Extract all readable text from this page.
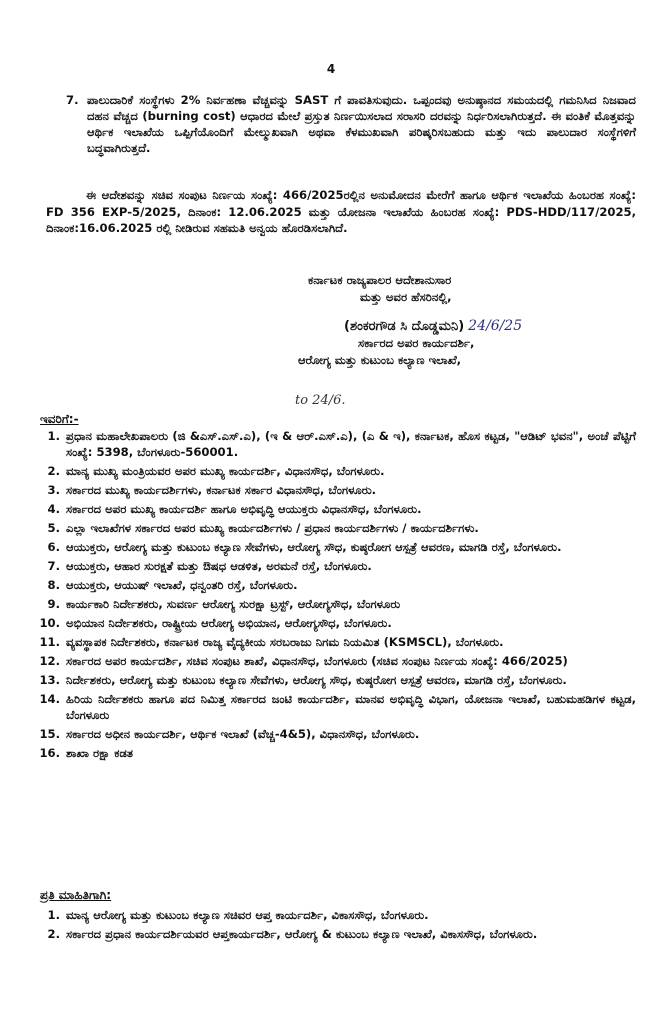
4
7. ಪಾಲುದಾರಿಕೆ ಸಂಸ್ಥೆಗಳು 2% ನಿರ್ವಹಣಾ ವೆಚ್ಚವನ್ನು SAST ಗೆ ಪಾವತಿಸುವುದು. ಒಪ್ಪಂದವು ಅನುಷ್ಠಾನದ ಸಮಯದಲ್ಲಿ ಗಮನಿಸಿದ ನಿಜವಾದ ದಹನ ವೆಚ್ಚದ (burning cost) ಆಧಾರದ ಮೇಲೆ ಪ್ರಸ್ತುತ ನಿರ್ಣಯಿಸಲಾದ ಸರಾಸರಿ ದರವನ್ನು ನಿರ್ಧರಿಸಲಾಗಿರುತ್ತದೆ. ಈ ವಂತಿಕೆ ಮೊತ್ತವನ್ನು ಆರ್ಥಿಕ ಇಲಾಖೆಯ ಒಪ್ಪಿಗೆಯೊಂದಿಗೆ ಮೇಲ್ಮುಖವಾಗಿ ಅಥವಾ ಕೆಳಮುಖವಾಗಿ ಪರಿಷ್ಕರಿಸಬಹುದು ಮತ್ತು ಇದು ಪಾಲುದಾರ ಸಂಸ್ಥೆಗಳಿಗೆ ಬದ್ಧವಾಗಿರುತ್ತದೆ.
ಈ ಆದೇಶವನ್ನು ಸಚಿವ ಸಂಪುಟ ನಿರ್ಣಯ ಸಂಖ್ಯೆ: 466/2025ರಲ್ಲಿನ ಅನುಮೋದನ ಮೇರೆಗೆ ಹಾಗೂ ಆರ್ಥಿಕ ಇಲಾಖೆಯ ಹಿಂಬರಹ ಸಂಖ್ಯೆ: FD 356 EXP-5/2025, ದಿನಾಂಕ: 12.06.2025 ಮತ್ತು ಯೋಜನಾ ಇಲಾಖೆಯ ಹಿಂಬರಹ ಸಂಖ್ಯೆ: PDS-HDD/117/2025, ದಿನಾಂಕ:16.06.2025 ರಲ್ಲಿ ನೀಡಿರುವ ಸಹಮತಿ ಅನ್ವಯ ಹೊರಡಿಸಲಾಗಿದೆ.
ಕರ್ನಾಟಕ ರಾಜ್ಯಪಾಲರ ಆದೇಶಾನುಸಾರ
ಮತ್ತು ಅವರ ಹೆಸರಿನಲ್ಲಿ,
(ಶಂಕರಗೌಡ ಸಿ ದೊಡ್ಡಮನಿ) 24/6/25
ಸರ್ಕಾರದ ಅಪರ ಕಾರ್ಯದರ್ಶಿ,
ಆರೋಗ್ಯ ಮತ್ತು ಕುಟುಂಬ ಕಲ್ಯಾಣ ಇಲಾಖೆ,
to 24/6.
ಇವರಿಗೆ:-
1. ಪ್ರಧಾನ ಮಹಾಲೇಖಪಾಲರು (ಜಿ &ಎಸ್.ಎಸ್.ಎ), (ಇ & ಆರ್.ಎಸ್.ಎ), (ಎ & ಇ), ಕರ್ನಾಟಕ, ಹೊಸ ಕಟ್ಟಡ, "ಆಡಿಟ್ ಭವನ", ಅಂಚೆ ಪೆಟ್ಟಿಗೆ ಸಂಖ್ಯೆ: 5398, ಬೆಂಗಳೂರು-560001.
2. ಮಾನ್ಯ ಮುಖ್ಯ ಮಂತ್ರಿಯವರ ಅಪರ ಮುಖ್ಯ ಕಾರ್ಯದರ್ಶಿ, ವಿಧಾನಸೌಧ, ಬೆಂಗಳೂರು.
3. ಸರ್ಕಾರದ ಮುಖ್ಯ ಕಾರ್ಯದರ್ಶಿಗಳು, ಕರ್ನಾಟಕ ಸರ್ಕಾರ ವಿಧಾನಸೌಧ, ಬೆಂಗಳೂರು.
4. ಸರ್ಕಾರದ ಅಪರ ಮುಖ್ಯ ಕಾರ್ಯದರ್ಶಿ ಹಾಗೂ ಅಭಿವೃದ್ಧಿ ಆಯುಕ್ತರು ವಿಧಾನಸೌಧ, ಬೆಂಗಳೂರು.
5. ಎಲ್ಲಾ ಇಲಾಖೆಗಳ ಸರ್ಕಾರದ ಅಪರ ಮುಖ್ಯ ಕಾರ್ಯದರ್ಶಿಗಳು / ಪ್ರಧಾನ ಕಾರ್ಯದರ್ಶಿಗಳು / ಕಾರ್ಯದರ್ಶಿಗಳು.
6. ಆಯುಕ್ತರು, ಆರೋಗ್ಯ ಮತ್ತು ಕುಟುಂಬ ಕಲ್ಯಾಣ ಸೇವೆಗಳು, ಆರೋಗ್ಯ ಸೌಧ, ಕುಷ್ಠರೋಗ ಆಸ್ಪತ್ರೆ ಆವರಣ, ಮಾಗಡಿ ರಸ್ತೆ, ಬೆಂಗಳೂರು.
7. ಆಯುಕ್ತರು, ಆಹಾರ ಸುರಕ್ಷತೆ ಮತ್ತು ಔಷಧ ಆಡಳಿತ, ಅರಮನೆ ರಸ್ತೆ, ಬೆಂಗಳೂರು.
8. ಆಯುಕ್ತರು, ಆಯುಷ್ ಇಲಾಖೆ, ಧನ್ವಂತರಿ ರಸ್ತೆ, ಬೆಂಗಳೂರು.
9. ಕಾರ್ಯಕಾರಿ ನಿರ್ದೇಶಕರು, ಸುವರ್ಣ ಆರೋಗ್ಯ ಸುರಕ್ಷಾ ಟ್ರಸ್ಟ್, ಆರೋಗ್ಯಸೌಧ, ಬೆಂಗಳೂರು
10. ಅಭಿಯಾನ ನಿರ್ದೇಶಕರು, ರಾಷ್ಟ್ರೀಯ ಆರೋಗ್ಯ ಅಭಿಯಾನ, ಆರೋಗ್ಯಸೌಧ, ಬೆಂಗಳೂರು.
11. ವ್ಯವಸ್ಥಾಪಕ ನಿರ್ದೇಶಕರು, ಕರ್ನಾಟಕ ರಾಜ್ಯ ವೈದ್ಯಕೀಯ ಸರಬರಾಜು ನಿಗಮ ನಿಯಮಿತ (KSMSCL), ಬೆಂಗಳೂರು.
12. ಸರ್ಕಾರದ ಅಪರ ಕಾರ್ಯದರ್ಶಿ, ಸಚಿವ ಸಂಪುಟ ಶಾಖೆ, ವಿಧಾನಸೌಧ, ಬೆಂಗಳೂರು (ಸಚಿವ ಸಂಪುಟ ನಿರ್ಣಯ ಸಂಖ್ಯೆ: 466/2025)
13. ನಿರ್ದೇಶಕರು, ಆರೋಗ್ಯ ಮತ್ತು ಕುಟುಂಬ ಕಲ್ಯಾಣ ಸೇವೆಗಳು, ಆರೋಗ್ಯ ಸೌಧ, ಕುಷ್ಠರೋಗ ಆಸ್ಪತ್ರೆ ಆವರಣ, ಮಾಗಡಿ ರಸ್ತೆ, ಬೆಂಗಳೂರು.
14. ಹಿರಿಯ ನಿರ್ದೇಶಕರು ಹಾಗೂ ಪದ ನಿಮಿತ್ತ ಸರ್ಕಾರದ ಜಂಟಿ ಕಾರ್ಯದರ್ಶಿ, ಮಾನವ ಅಭಿವೃದ್ಧಿ ವಿಭಾಗ, ಯೋಜನಾ ಇಲಾಖೆ, ಬಹುಮಹಡಿಗಳ ಕಟ್ಟಡ, ಬೆಂಗಳೂರು
15. ಸರ್ಕಾರದ ಅಧೀನ ಕಾರ್ಯದರ್ಶಿ, ಆರ್ಥಿಕ ಇಲಾಖೆ (ವೆಚ್ಚ-4&5), ವಿಧಾನಸೌಧ, ಬೆಂಗಳೂರು.
16. ಶಾಖಾ ರಕ್ಷಾ ಕಡತ
ಪ್ರತಿ ಮಾಹಿತಿಗಾಗಿ:
1. ಮಾನ್ಯ ಆರೋಗ್ಯ ಮತ್ತು ಕುಟುಂಬ ಕಲ್ಯಾಣ ಸಚಿವರ ಆಪ್ತ ಕಾರ್ಯದರ್ಶಿ, ವಿಕಾಸಸೌಧ, ಬೆಂಗಳೂರು.
2. ಸರ್ಕಾರದ ಪ್ರಧಾನ ಕಾರ್ಯದರ್ಶಿಯವರ ಆಪ್ತಕಾರ್ಯದರ್ಶಿ, ಆರೋಗ್ಯ & ಕುಟುಂಬ ಕಲ್ಯಾಣ ಇಲಾಖೆ, ವಿಕಾಸಸೌಧ, ಬೆಂಗಳೂರು.
